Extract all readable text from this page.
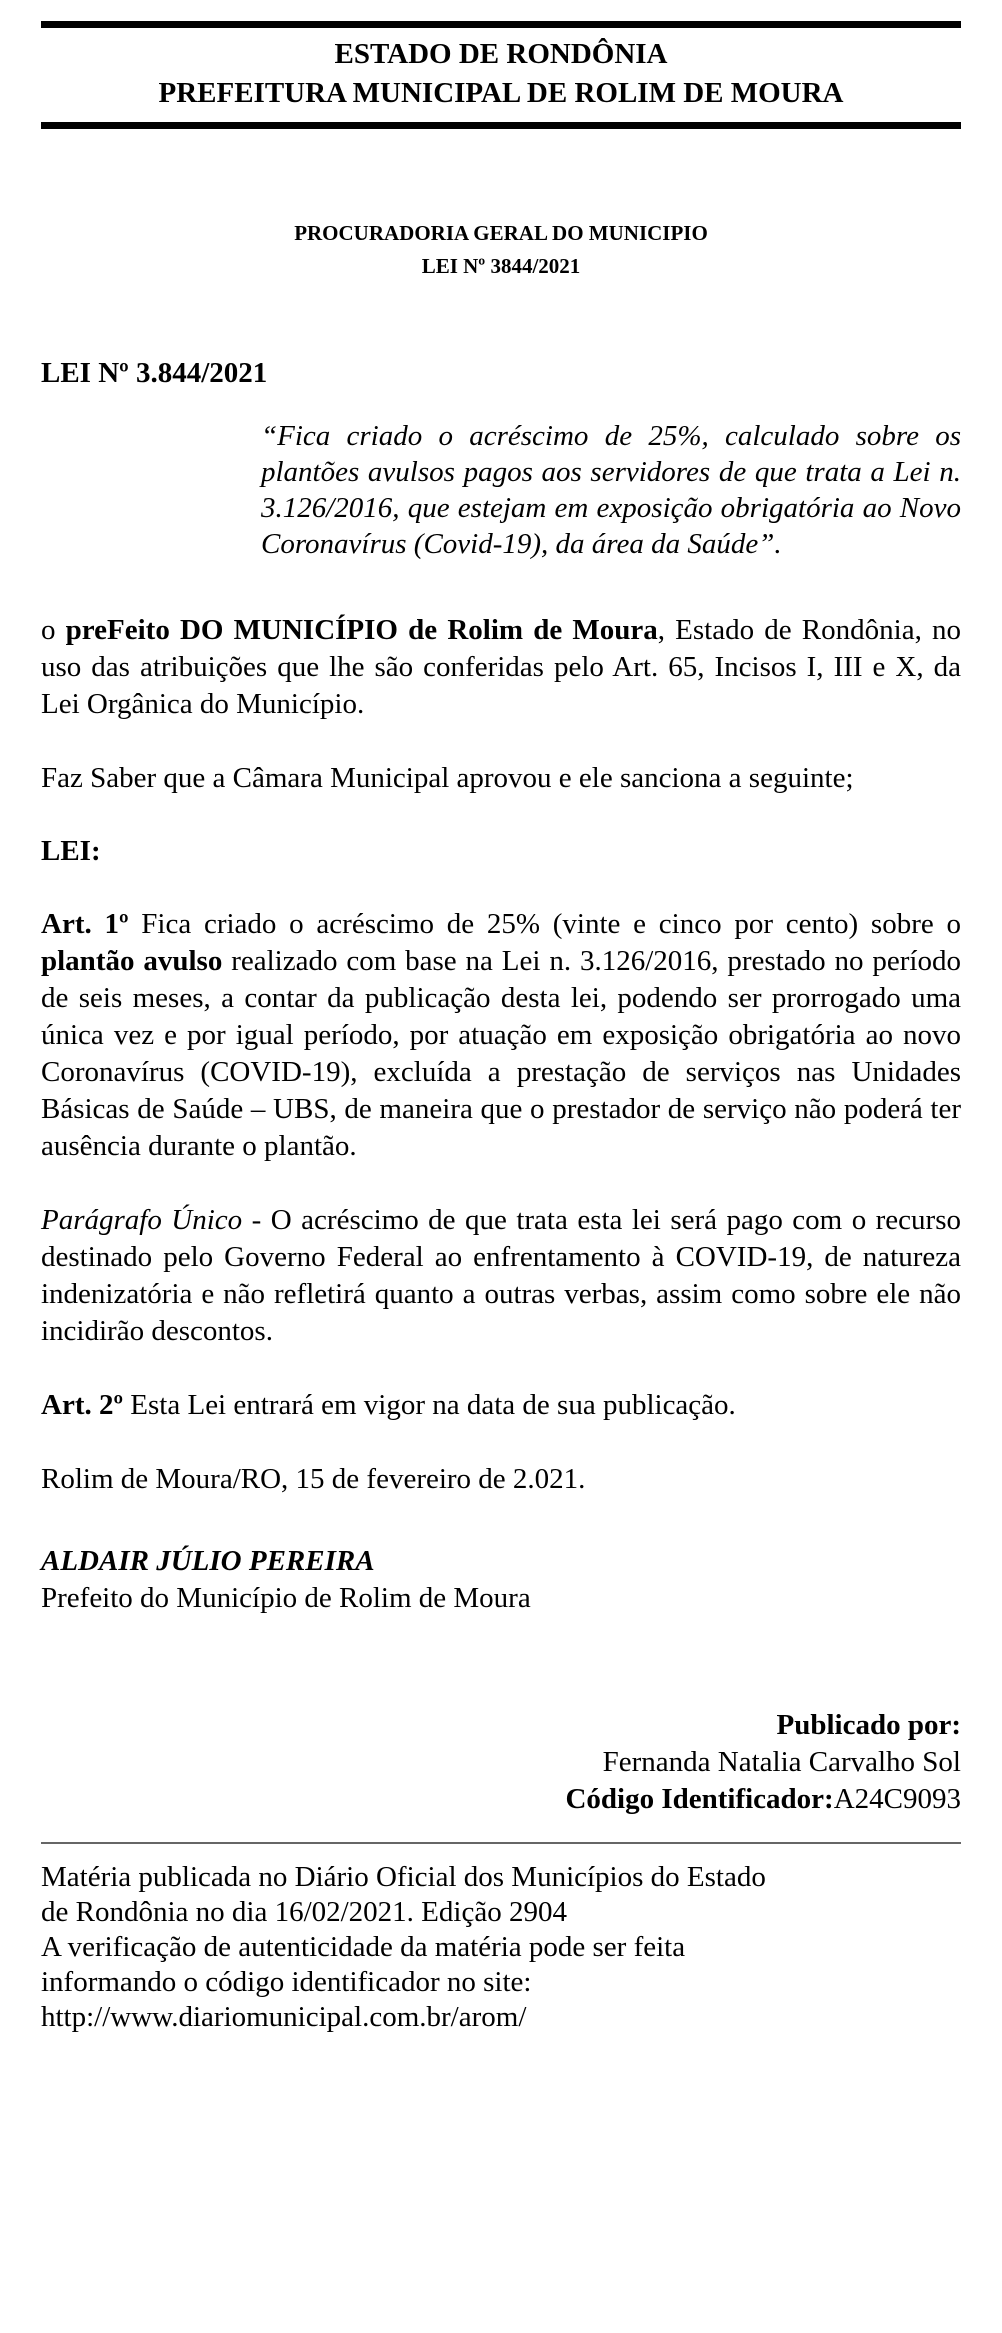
ESTADO DE RONDÔNIA
PREFEITURA MUNICIPAL DE ROLIM DE MOURA
PROCURADORIA GERAL DO MUNICIPIO
LEI Nº 3844/2021
LEI Nº 3.844/2021
“Fica criado o acréscimo de 25%, calculado sobre os plantões avulsos pagos aos servidores de que trata a Lei n. 3.126/2016, que estejam em exposição obrigatória ao Novo Coronavírus (Covid-19), da área da Saúde”.
o preFeito DO MUNICÍPIO de Rolim de Moura, Estado de Rondônia, no uso das atribuições que lhe são conferidas pelo Art. 65, Incisos I, III e X, da Lei Orgânica do Município.
Faz Saber que a Câmara Municipal aprovou e ele sanciona a seguinte;
LEI:
Art. 1º Fica criado o acréscimo de 25% (vinte e cinco por cento) sobre o plantão avulso realizado com base na Lei n. 3.126/2016, prestado no período de seis meses, a contar da publicação desta lei, podendo ser prorrogado uma única vez e por igual período, por atuação em exposição obrigatória ao novo Coronavírus (COVID-19), excluída a prestação de serviços nas Unidades Básicas de Saúde – UBS, de maneira que o prestador de serviço não poderá ter ausência durante o plantão.
Parágrafo Único - O acréscimo de que trata esta lei será pago com o recurso destinado pelo Governo Federal ao enfrentamento à COVID-19, de natureza indenizatória e não refletirá quanto a outras verbas, assim como sobre ele não incidirão descontos.
Art. 2º Esta Lei entrará em vigor na data de sua publicação.
Rolim de Moura/RO, 15 de fevereiro de 2.021.
ALDAIR JÚLIO PEREIRA
Prefeito do Município de Rolim de Moura
Publicado por:
Fernanda Natalia Carvalho Sol
Código Identificador:A24C9093
Matéria publicada no Diário Oficial dos Municípios do Estado
de Rondônia no dia 16/02/2021. Edição 2904
A verificação de autenticidade da matéria pode ser feita
informando o código identificador no site:
http://www.diariomunicipal.com.br/arom/
